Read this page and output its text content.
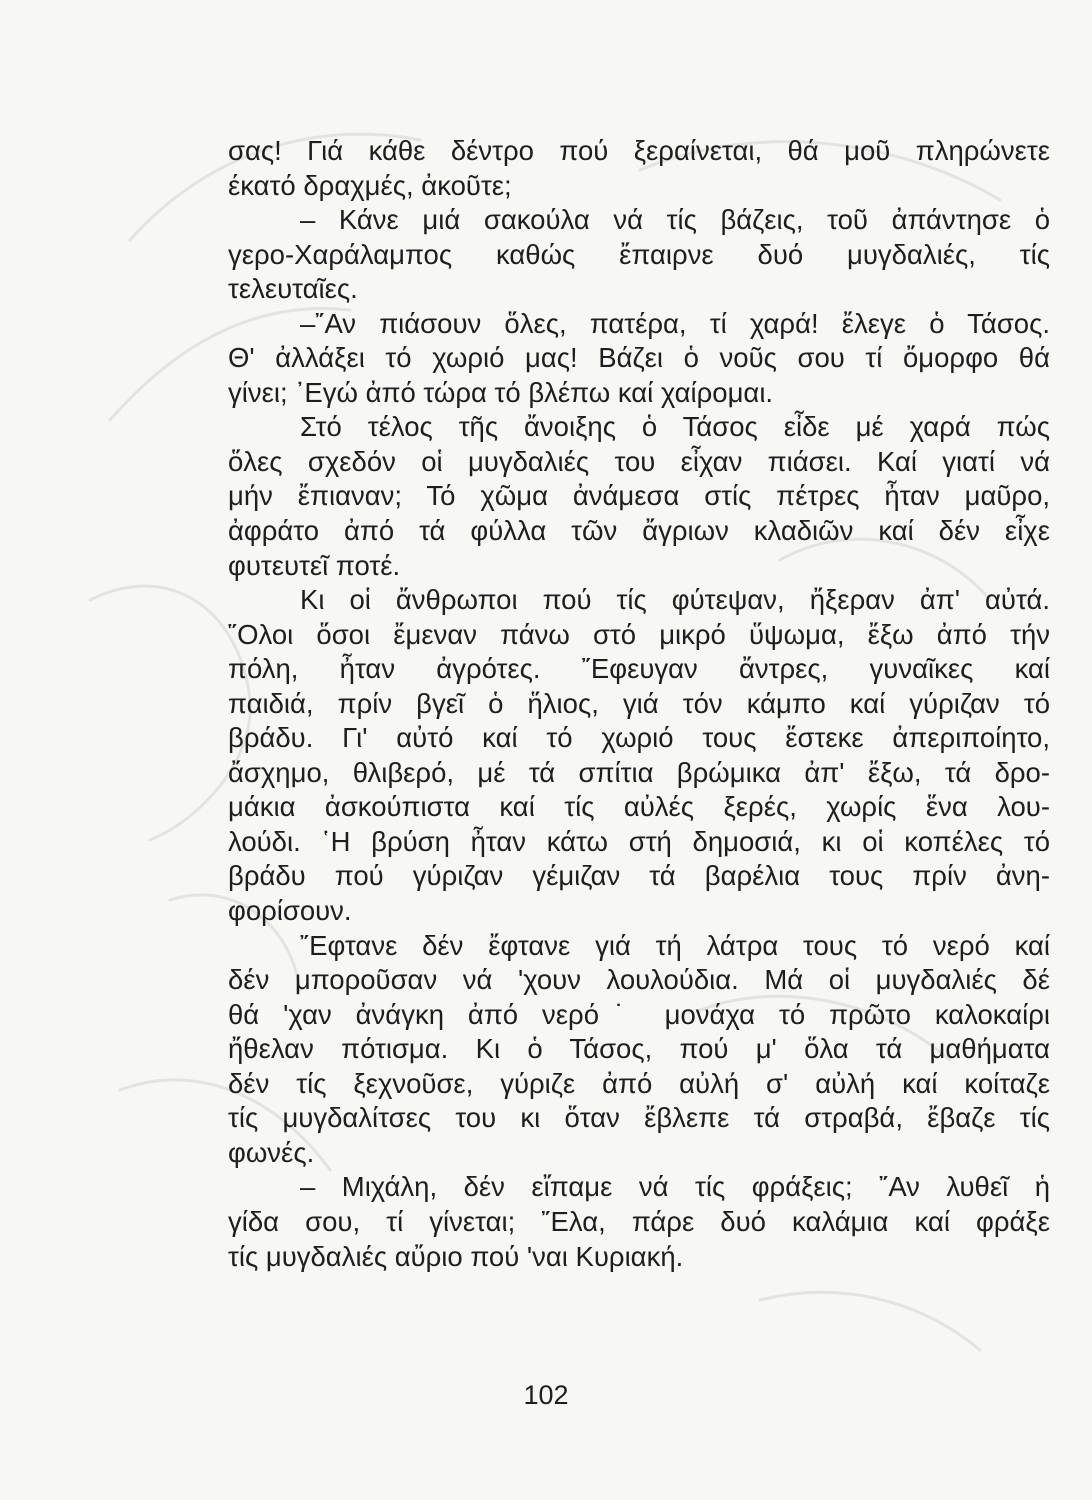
σας! Γιά κάθε δέντρο πού ξεραίνεται, θά μοῦ πληρώνετε
έκατό δραχμές, ἀκοῦτε;
– Κάνε μιά σακούλα νά τίς βάζεις, τοῦ ἀπάντησε ὁ
γερο-Χαράλαμπος καθώς ἔπαιρνε δυό μυγδαλιές, τίς
τελευταῖες.
–῎Αν πιάσουν ὅλες, πατέρα, τί χαρά! ἔλεγε ὁ Τάσος.
Θ' ἀλλάξει τό χωριό μας! Βάζει ὁ νοῦς σου τί ὄμορφο θά
γίνει; ᾿Εγώ ἀπό τώρα τό βλέπω καί χαίρομαι.
Στό τέλος τῆς ἄνοιξης ὁ Τάσος εἶδε μέ χαρά πώς
ὅλες σχεδόν οἱ μυγδαλιές του εἶχαν πιάσει. Καί γιατί νά
μήν ἔπιαναν; Τό χῶμα ἀνάμεσα στίς πέτρες ἦταν μαῦρο,
ἀφράτο ἀπό τά φύλλα τῶν ἄγριων κλαδιῶν καί δέν εἶχε
φυτευτεῖ ποτέ.
Κι οἱ ἄνθρωποι πού τίς φύτεψαν, ἤξεραν ἀπ' αὐτά.
῞Ολοι ὅσοι ἔμεναν πάνω στό μικρό ὕψωμα, ἔξω ἀπό τήν
πόλη, ἦταν ἀγρότες. ῎Εφευγαν ἄντρες, γυναῖκες καί
παιδιά, πρίν βγεῖ ὁ ἥλιος, γιά τόν κάμπο καί γύριζαν τό
βράδυ. Γι' αὐτό καί τό χωριό τους ἔστεκε ἀπεριποίητο,
ἄσχημο, θλιβερό, μέ τά σπίτια βρώμικα ἀπ' ἔξω, τά δρο-
μάκια ἀσκούπιστα καί τίς αὐλές ξερές, χωρίς ἕνα λου-
λούδι. ῾Η βρύση ἦταν κάτω στή δημοσιά, κι οἱ κοπέλες τό
βράδυ πού γύριζαν γέμιζαν τά βαρέλια τους πρίν ἀνη-
φορίσουν.
῎Εφτανε δέν ἔφτανε γιά τή λάτρα τους τό νερό καί
δέν μποροῦσαν νά 'χουν λουλούδια. Μά οἱ μυγδαλιές δέ
θά 'χαν ἀνάγκη ἀπό νερό˙ μονάχα τό πρῶτο καλοκαίρι
ἤθελαν πότισμα. Κι ὁ Τάσος, πού μ' ὅλα τά μαθήματα
δέν τίς ξεχνοῦσε, γύριζε ἀπό αὐλή σ' αὐλή καί κοίταζε
τίς μυγδαλίτσες του κι ὅταν ἔβλεπε τά στραβά, ἔβαζε τίς
φωνές.
– Μιχάλη, δέν εἴπαμε νά τίς φράξεις; ῎Αν λυθεῖ ἡ
γίδα σου, τί γίνεται; ῎Ελα, πάρε δυό καλάμια καί φράξε
τίς μυγδαλιές αὔριο πού 'ναι Κυριακή.
102
